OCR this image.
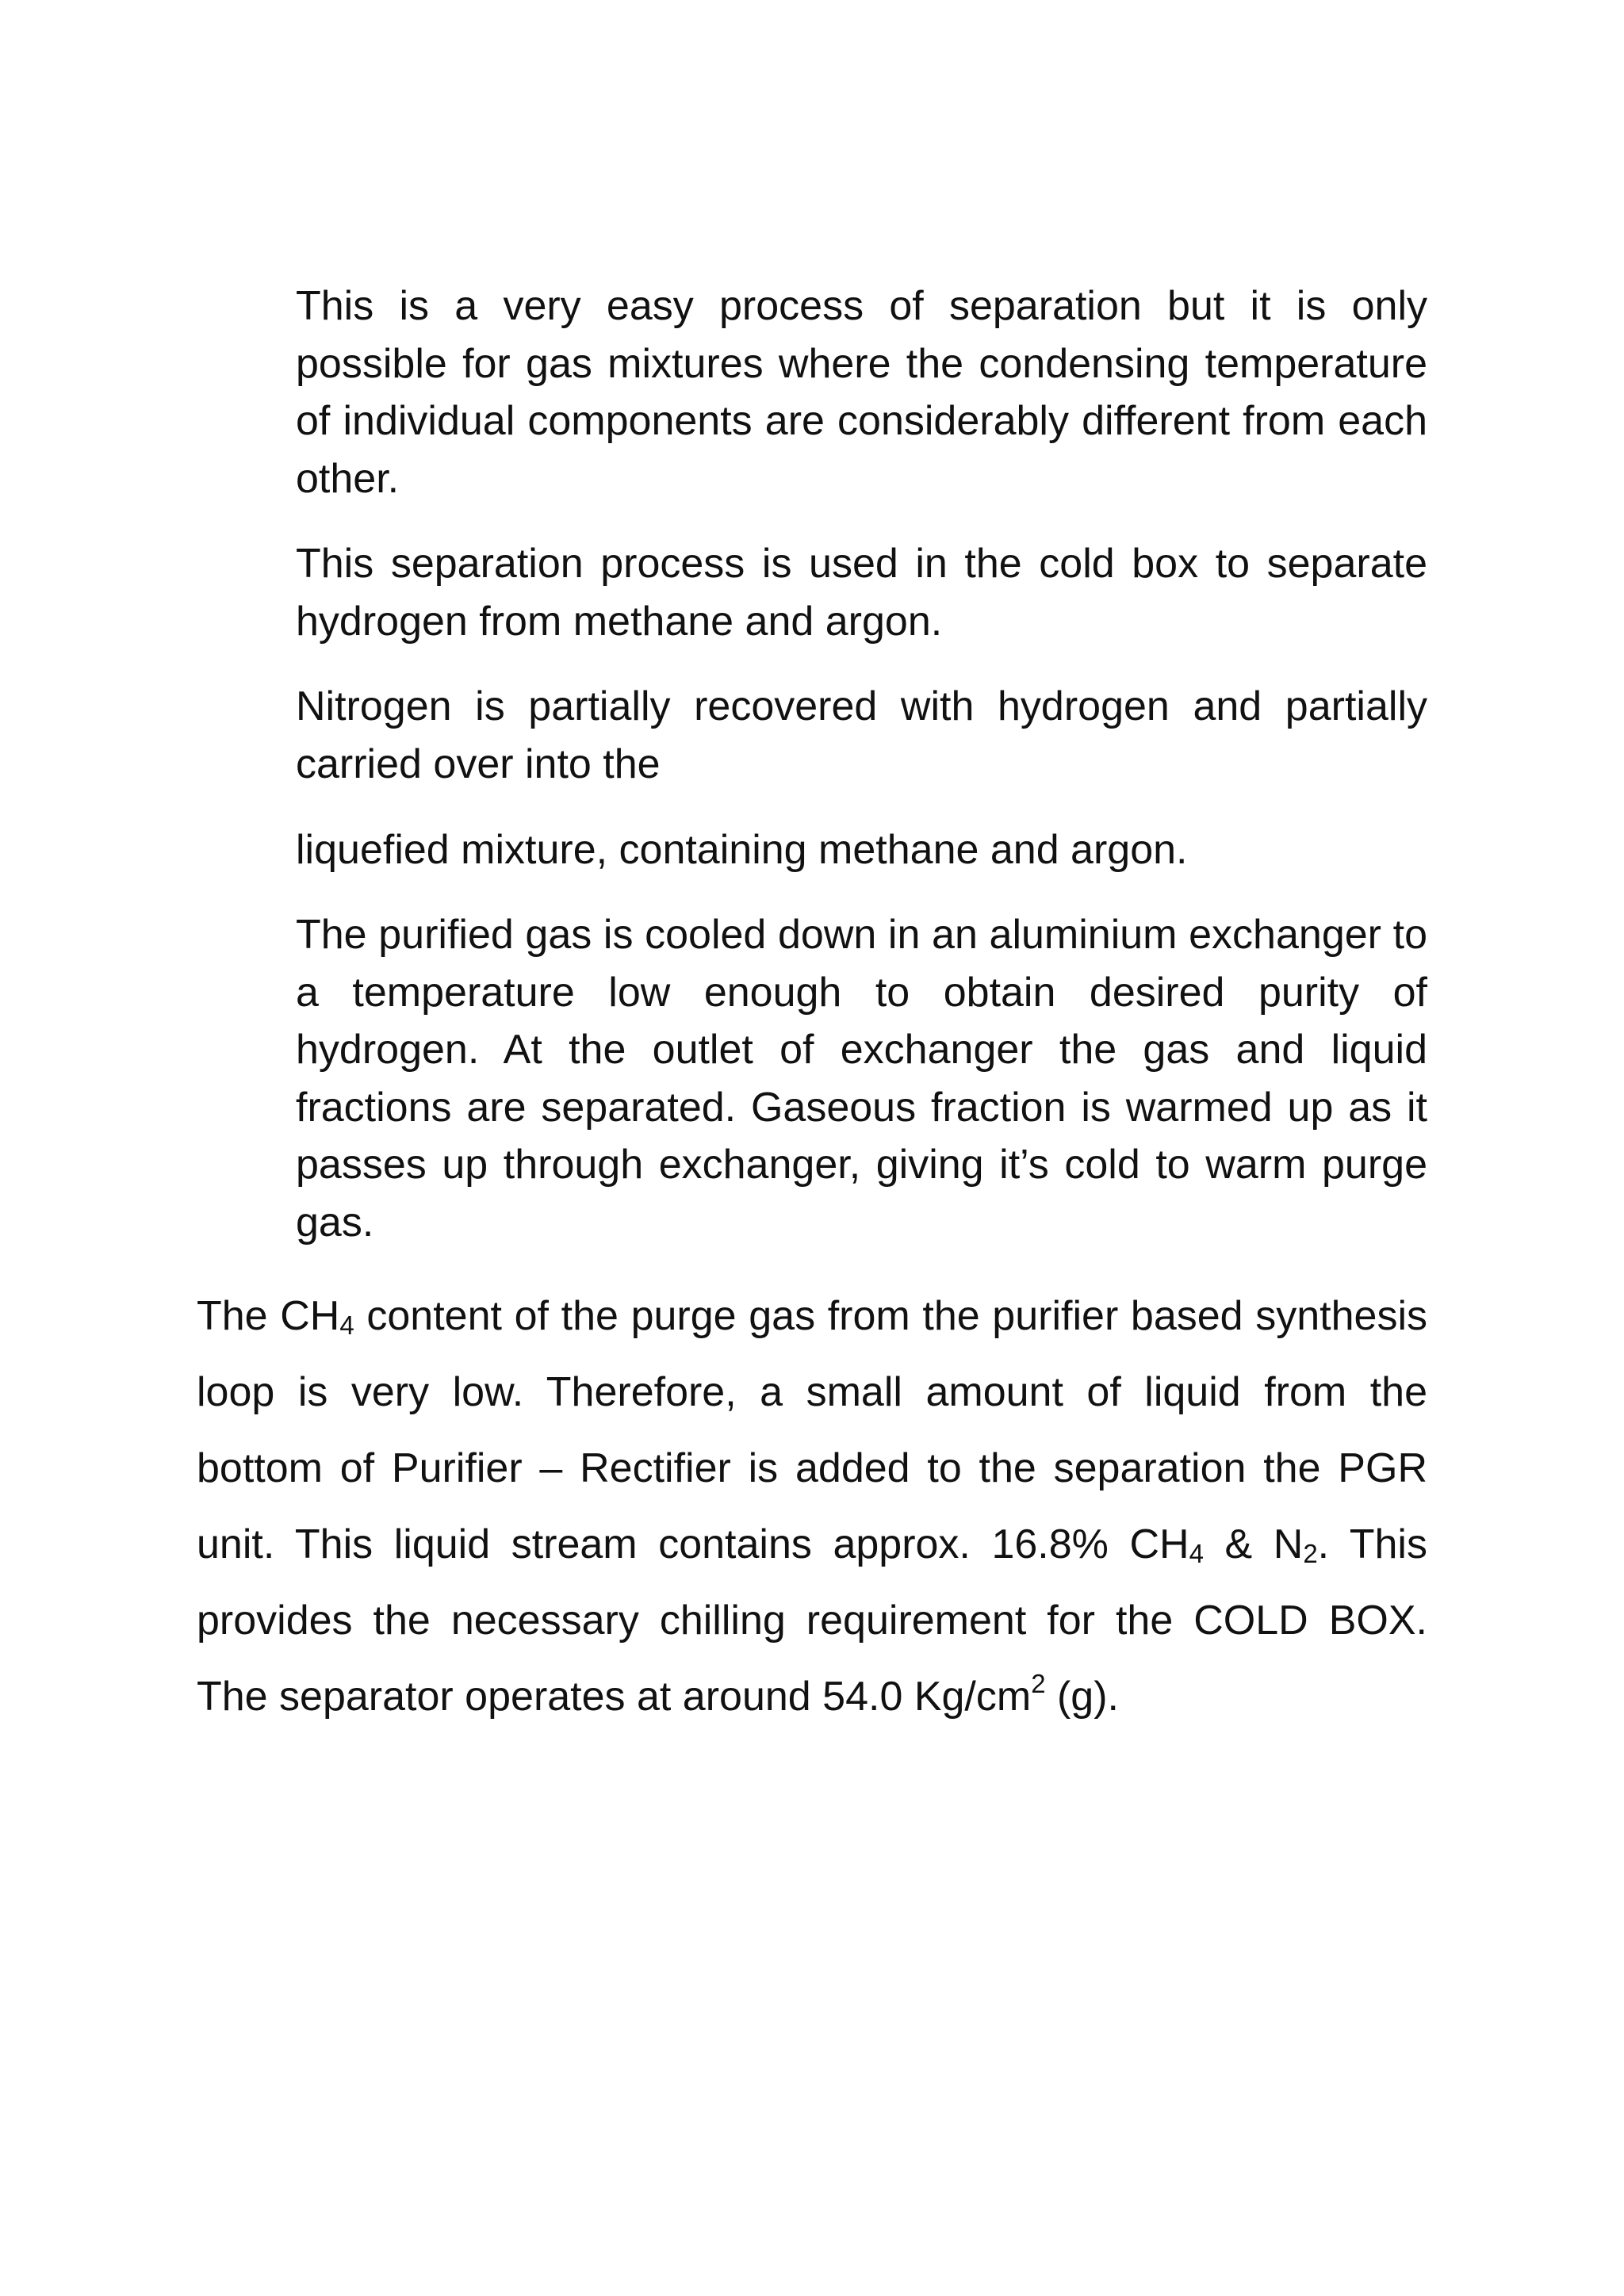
This is a very easy process of separation but it is only possible for gas mixtures where the condensing temperature of individual components are considerably different from each other.

This separation process is used in the cold box to separate hydrogen from methane and argon.

Nitrogen is partially recovered with hydrogen and partially carried over into the

liquefied mixture, containing methane and argon.

The purified gas is cooled down in an aluminium exchanger to a temperature low enough to obtain desired purity of hydrogen. At the outlet of exchanger the gas and liquid fractions are separated. Gaseous fraction is warmed up as it passes up through exchanger, giving it’s cold to warm purge gas.

The $CH_4$ content of the purge gas from the purifier based synthesis loop is very low. Therefore, a small amount of liquid from the bottom of Purifier – Rectifier is added to the separation the PGR unit. This liquid stream contains approx. 16.8% $CH_4$ & $N_2$. This provides the necessary chilling requirement for the COLD BOX. The separator operates at around 54.0 $Kg/cm^2$ (g).
